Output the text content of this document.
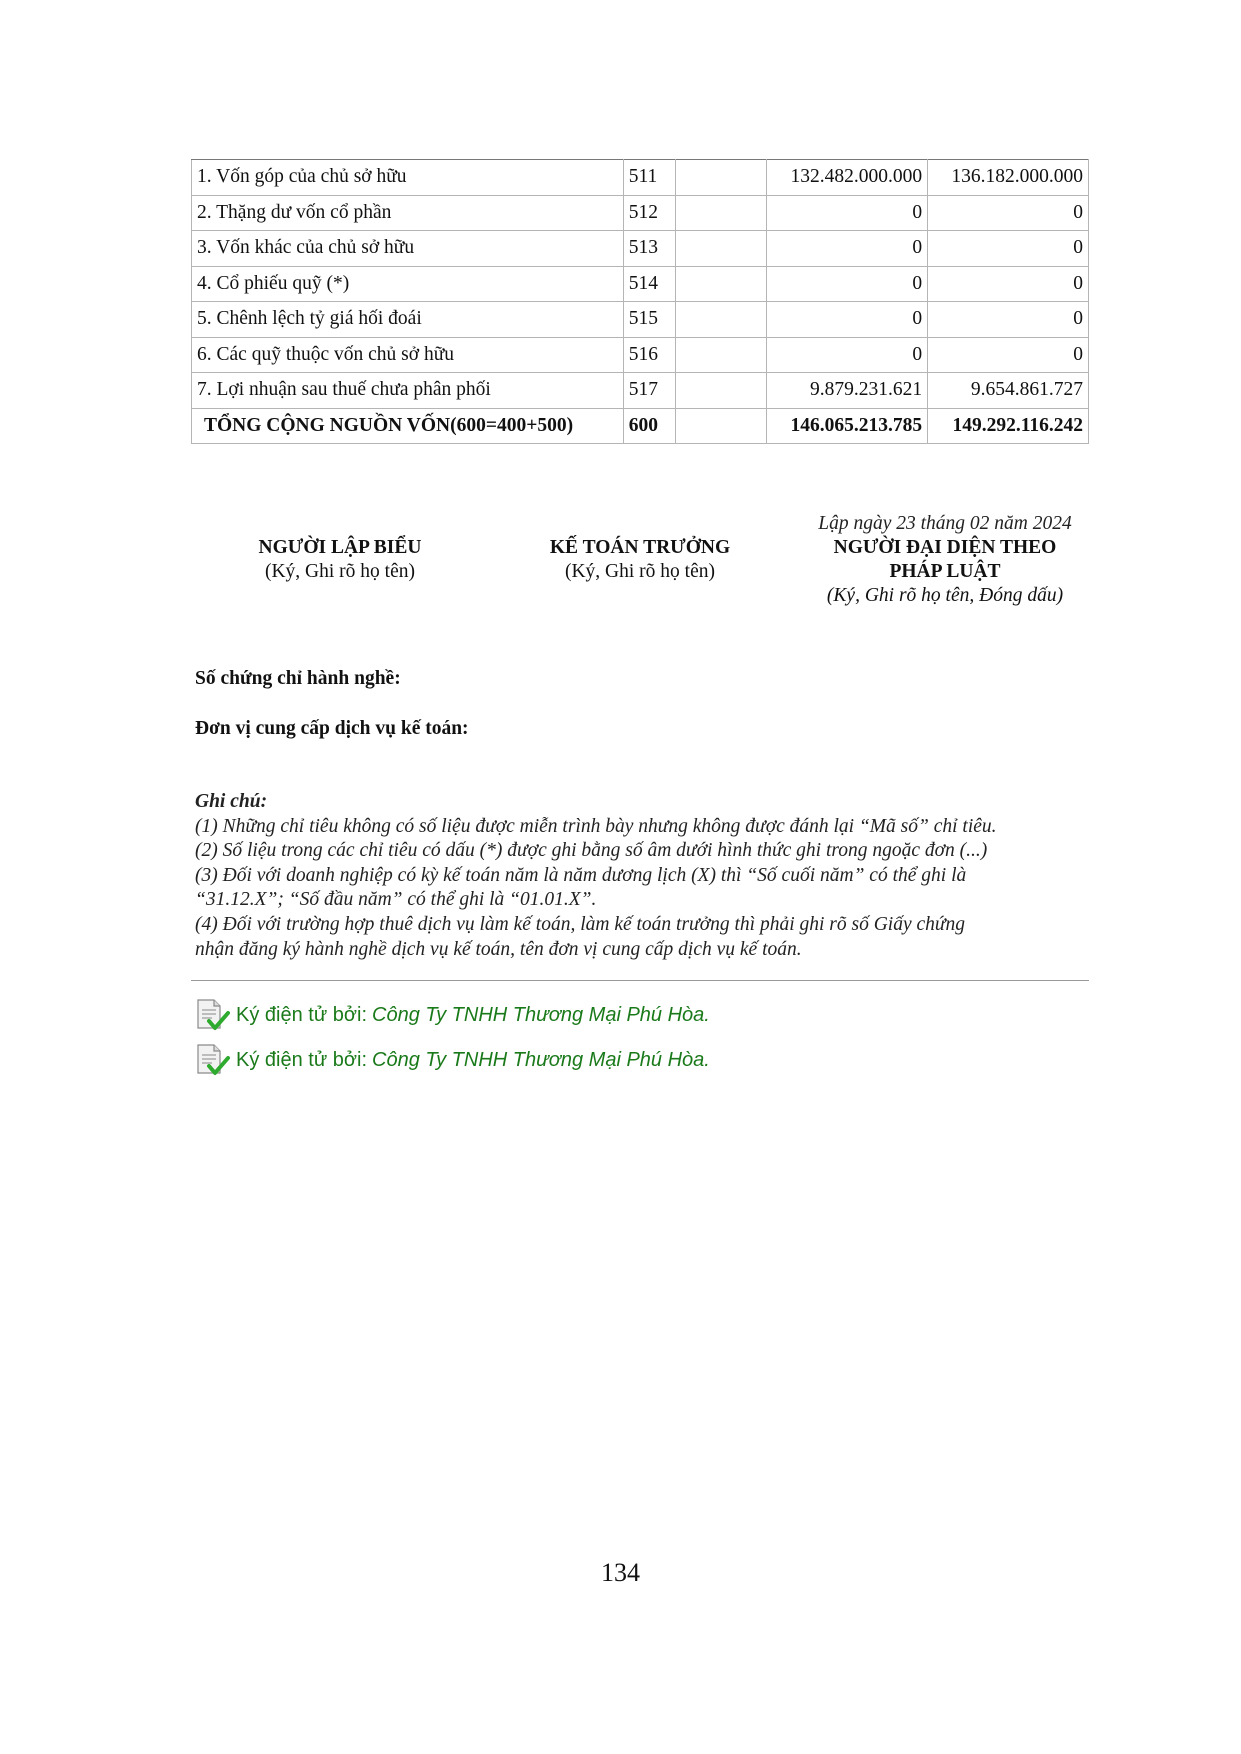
1. Vốn góp của chủ sở hữu	511		132.482.000.000	136.182.000.000
2. Thặng dư vốn cổ phần	512		0	0
3. Vốn khác của chủ sở hữu	513		0	0
4. Cổ phiếu quỹ (*)	514		0	0
5. Chênh lệch tỷ giá hối đoái	515		0	0
6. Các quỹ thuộc vốn chủ sở hữu	516		0	0
7. Lợi nhuận sau thuế chưa phân phối	517		9.879.231.621	9.654.861.727
TỔNG CỘNG NGUỒN VỐN(600=400+500)	600		146.065.213.785	149.292.116.242
Lập ngày 23 tháng 02 năm 2024
NGƯỜI LẬP BIỂU
(Ký, Ghi rõ họ tên)
KẾ TOÁN TRƯỞNG
(Ký, Ghi rõ họ tên)
NGƯỜI ĐẠI DIỆN THEO
PHÁP LUẬT
(Ký, Ghi rõ họ tên, Đóng dấu)
Số chứng chỉ hành nghề:
Đơn vị cung cấp dịch vụ kế toán:
Ghi chú:
(1) Những chỉ tiêu không có số liệu được miễn trình bày nhưng không được đánh lại “Mã số” chỉ tiêu.
(2) Số liệu trong các chỉ tiêu có dấu (*) được ghi bằng số âm dưới hình thức ghi trong ngoặc đơn (...)
(3) Đối với doanh nghiệp có kỳ kế toán năm là năm dương lịch (X) thì “Số cuối năm” có thể ghi là
“31.12.X”; “Số đầu năm” có thể ghi là “01.01.X”.
(4) Đối với trường hợp thuê dịch vụ làm kế toán, làm kế toán trưởng thì phải ghi rõ số Giấy chứng
nhận đăng ký hành nghề dịch vụ kế toán, tên đơn vị cung cấp dịch vụ kế toán.
Ký điện tử bởi: Công Ty TNHH Thương Mại Phú Hòa.
Ký điện tử bởi: Công Ty TNHH Thương Mại Phú Hòa.
134
